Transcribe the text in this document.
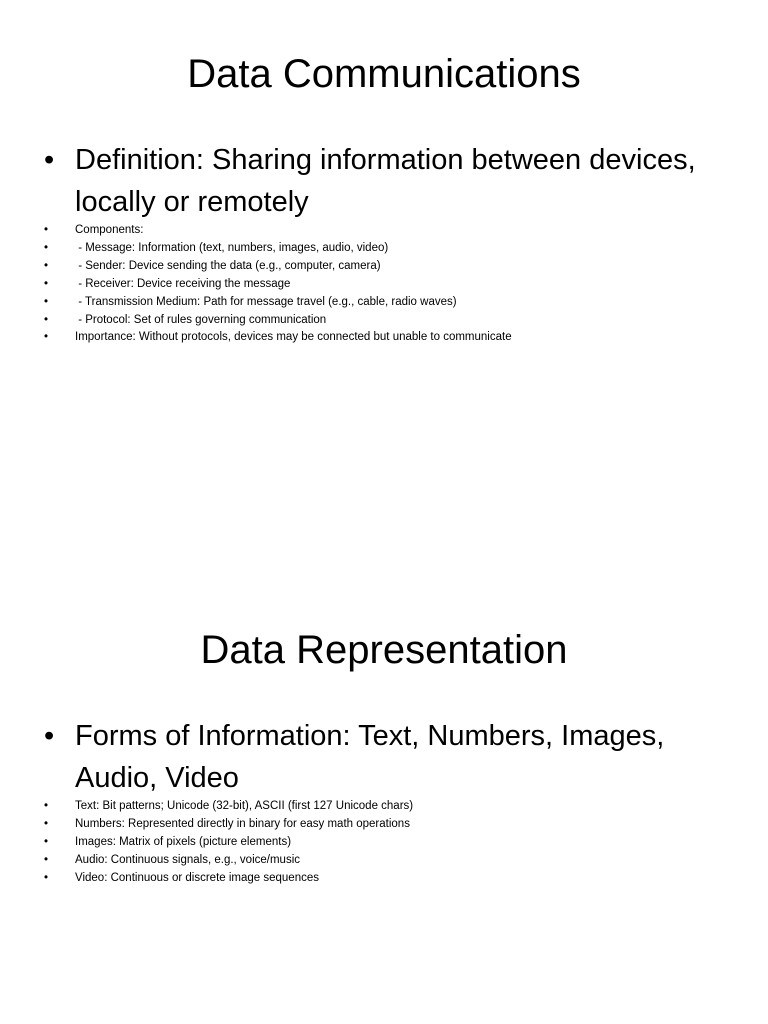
Data Communications
• Definition: Sharing information between devices, locally or remotely
•	Components:
•	- Message: Information (text, numbers, images, audio, video)
•	- Sender: Device sending the data (e.g., computer, camera)
•	- Receiver: Device receiving the message
•	- Transmission Medium: Path for message travel (e.g., cable, radio waves)
•	- Protocol: Set of rules governing communication
•	Importance: Without protocols, devices may be connected but unable to communicate
Data Representation
• Forms of Information: Text, Numbers, Images, Audio, Video
•	Text: Bit patterns; Unicode (32-bit), ASCII (first 127 Unicode chars)
•	Numbers: Represented directly in binary for easy math operations
•	Images: Matrix of pixels (picture elements)
•	Audio: Continuous signals, e.g., voice/music
•	Video: Continuous or discrete image sequences
